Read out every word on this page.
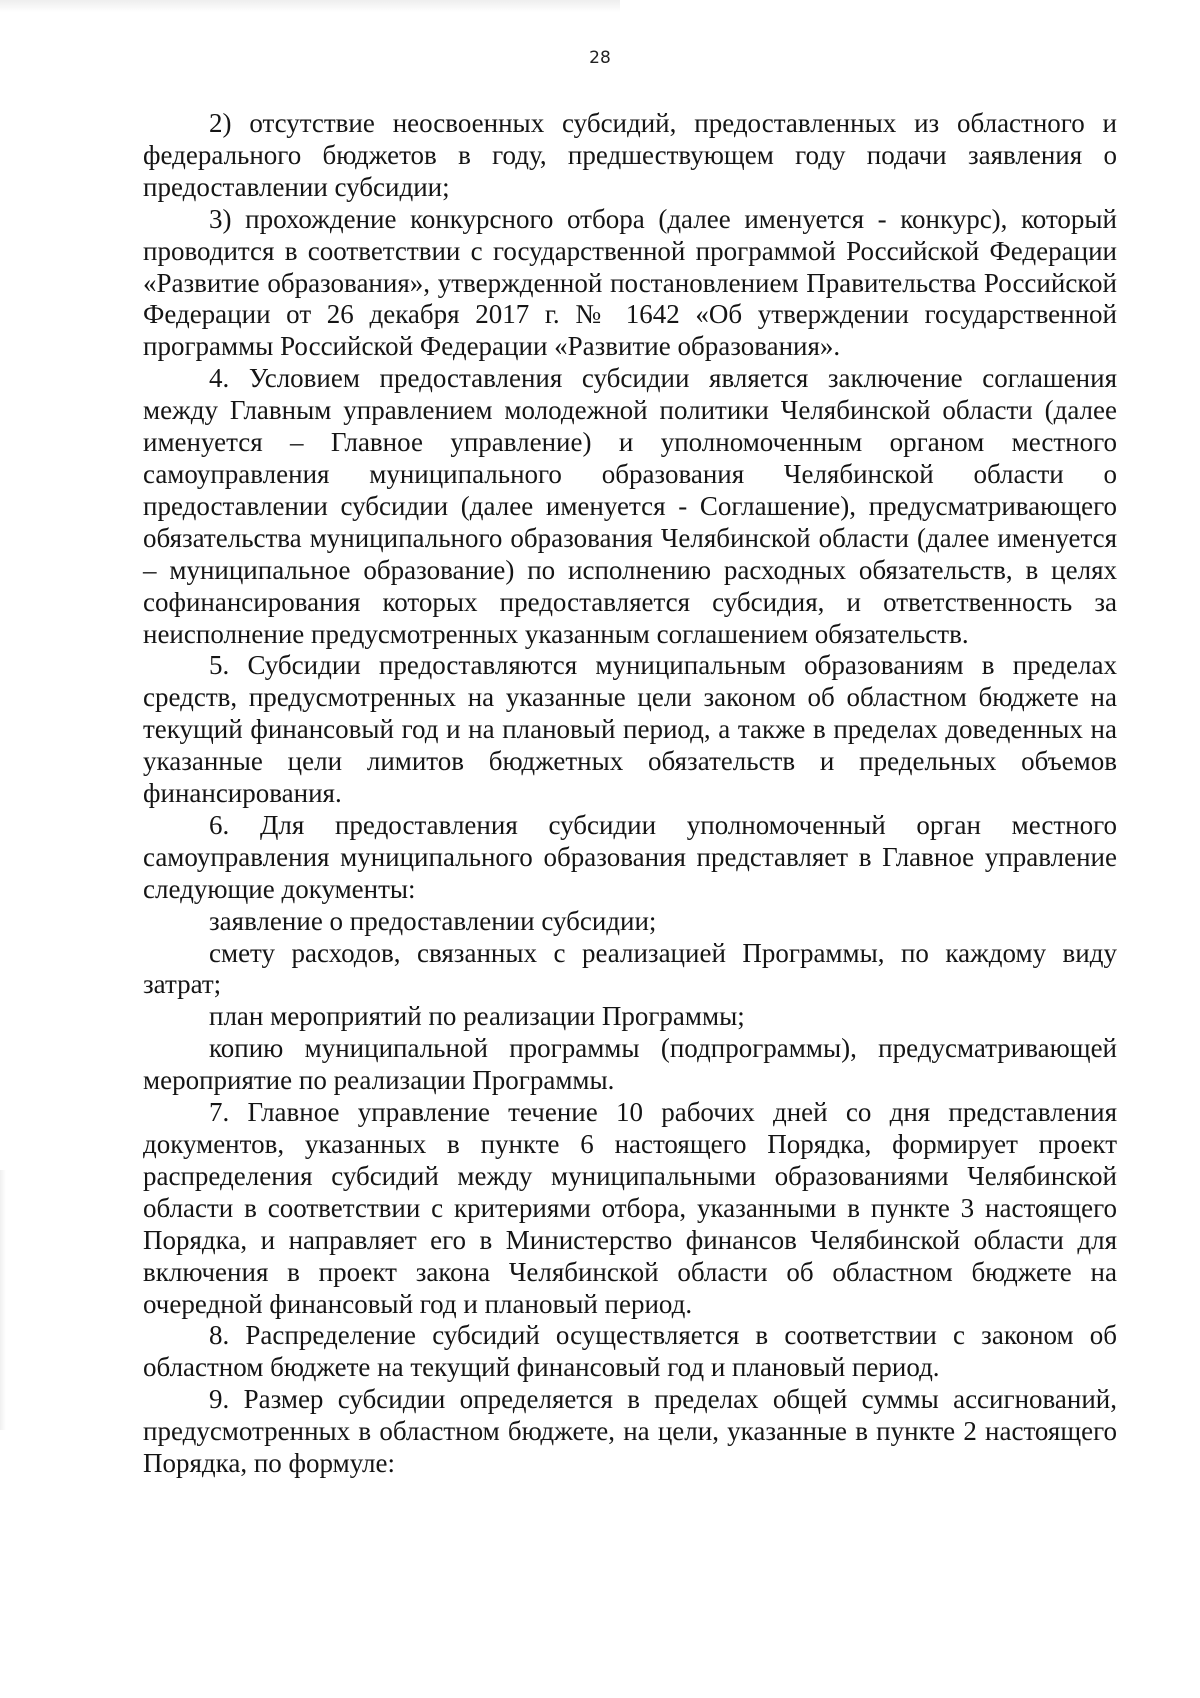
28

2) отсутствие неосвоенных субсидий, предоставленных из областного и федерального бюджетов в году, предшествующем году подачи заявления о предоставлении субсидии;

3) прохождение конкурсного отбора (далее именуется - конкурс), который проводится в соответствии с государственной программой Российской Федерации «Развитие образования», утвержденной постановлением Правительства Российской Федерации от 26 декабря 2017 г. № 1642 «Об утверждении государственной программы Российской Федерации «Развитие образования».

4. Условием предоставления субсидии является заключение соглашения между Главным управлением молодежной политики Челябинской области (далее именуется – Главное управление) и уполномоченным органом местного самоуправления муниципального образования Челябинской области о предоставлении субсидии (далее именуется - Соглашение), предусматривающего обязательства муниципального образования Челябинской области (далее именуется – муниципальное образование) по исполнению расходных обязательств, в целях софинансирования которых предоставляется субсидия, и ответственность за неисполнение предусмотренных указанным соглашением обязательств.

5. Субсидии предоставляются муниципальным образованиям в пределах средств, предусмотренных на указанные цели законом об областном бюджете на текущий финансовый год и на плановый период, а также в пределах доведенных на указанные цели лимитов бюджетных обязательств и предельных объемов финансирования.

6. Для предоставления субсидии уполномоченный орган местного самоуправления муниципального образования представляет в Главное управление следующие документы:

заявление о предоставлении субсидии;

смету расходов, связанных с реализацией Программы, по каждому виду затрат;

план мероприятий по реализации Программы;

копию муниципальной программы (подпрограммы), предусматривающей мероприятие по реализации Программы.

7. Главное управление течение 10 рабочих дней со дня представления документов, указанных в пункте 6 настоящего Порядка, формирует проект распределения субсидий между муниципальными образованиями Челябинской области в соответствии с критериями отбора, указанными в пункте 3 настоящего Порядка, и направляет его в Министерство финансов Челябинской области для включения в проект закона Челябинской области об областном бюджете на очередной финансовый год и плановый период.

8. Распределение субсидий осуществляется в соответствии с законом об областном бюджете на текущий финансовый год и плановый период.

9. Размер субсидии определяется в пределах общей суммы ассигнований, предусмотренных в областном бюджете, на цели, указанные в пункте 2 настоящего Порядка, по формуле:
